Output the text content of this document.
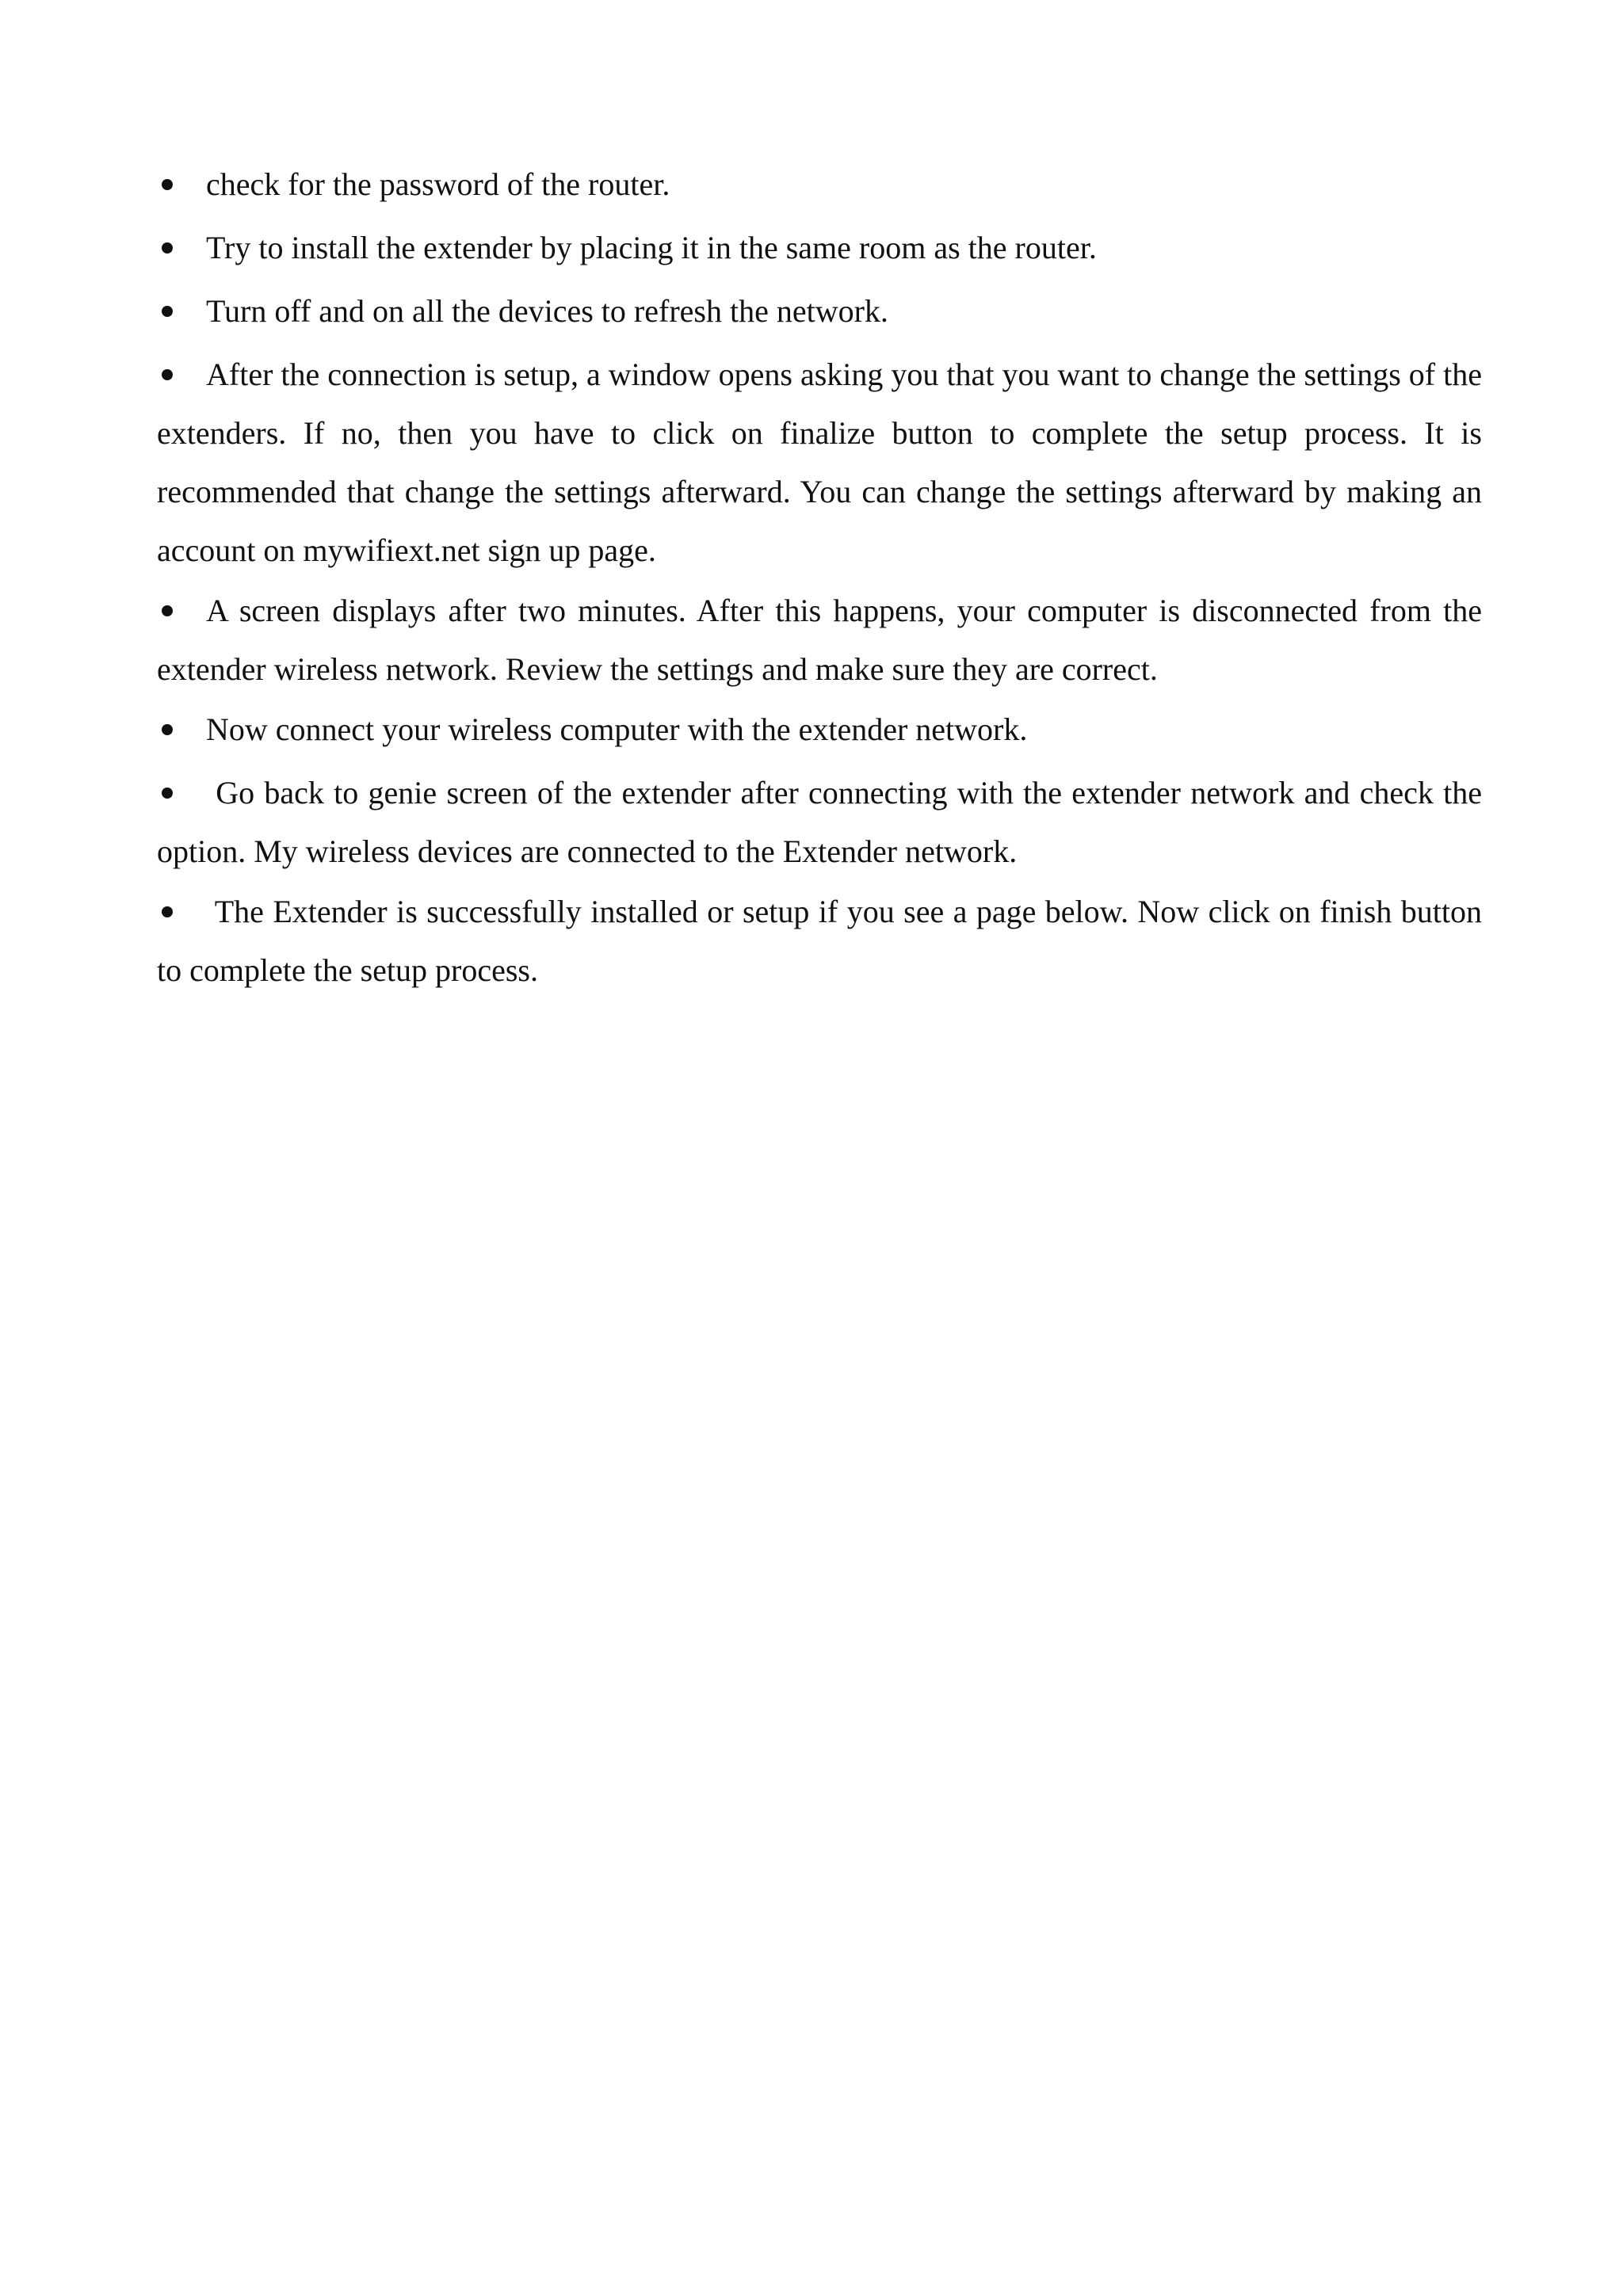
check for the password of the router.

Try to install the extender by placing it in the same room as the router.

Turn off and on all the devices to refresh the network.

After the connection is setup, a window opens asking you that you want to change the settings of the extenders. If no, then you have to click on finalize button to complete the setup process. It is recommended that change the settings afterward. You can change the settings afterward by making an account on mywifiext.net sign up page.

A screen displays after two minutes. After this happens, your computer is disconnected from the extender wireless network. Review the settings and make sure they are correct.

Now connect your wireless computer with the extender network.

Go back to genie screen of the extender after connecting with the extender network and check the option. My wireless devices are connected to the Extender network.

The Extender is successfully installed or setup if you see a page below. Now click on finish button to complete the setup process.
